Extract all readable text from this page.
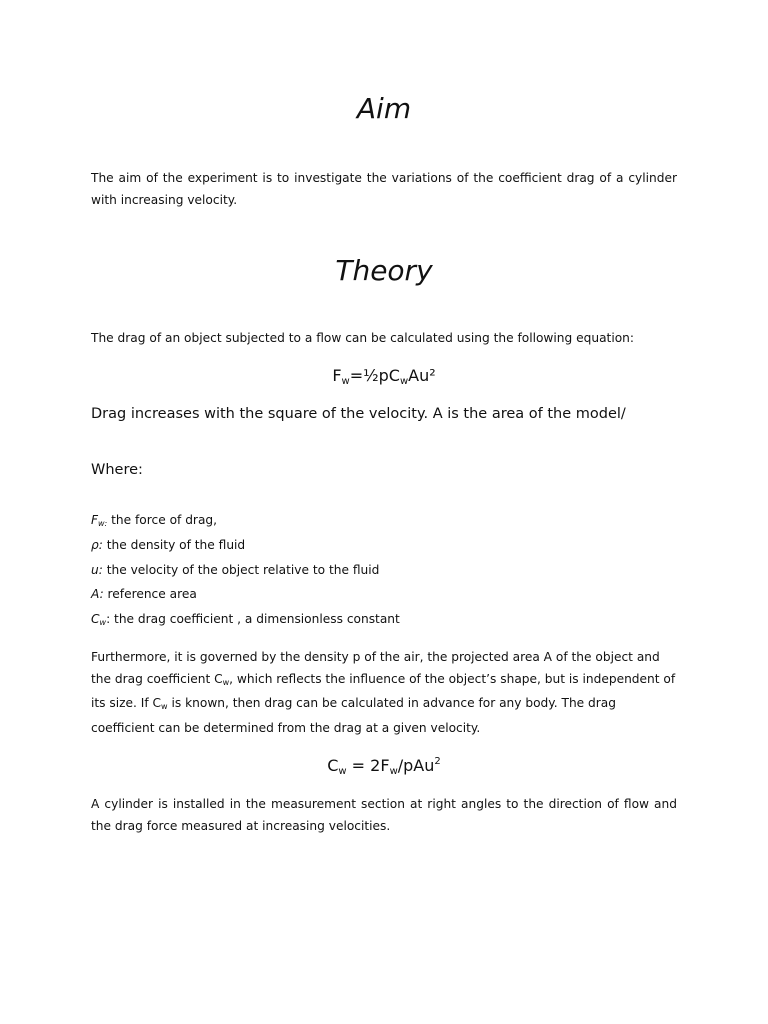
Aim
The aim of the experiment is to investigate the variations of the coefficient drag of a cylinder with increasing velocity.
Theory
The drag of an object subjected to a flow can be calculated using the following equation:
$F_w=\frac{1}{2}pC_wAu^2$
Drag increases with the square of the velocity. A is the area of the model/
Where:
$F_{w:}$ the force of drag,
ρ: the density of the fluid
u: the velocity of the object relative to the fluid
A: reference area
$C_w$: the drag coefficient , a dimensionless constant
Furthermore, it is governed by the density p of the air, the projected area A of the object and
the drag coefficient $C_w$, which reflects the influence of the object’s shape, but is independent of
its size. If $C_w$ is known, then drag can be calculated in advance for any body. The drag
coefficient can be determined from the drag at a given velocity.
$C_w = 2F_w/pAu^2$
A cylinder is installed in the measurement section at right angles to the direction of flow and the drag force measured at increasing velocities.
